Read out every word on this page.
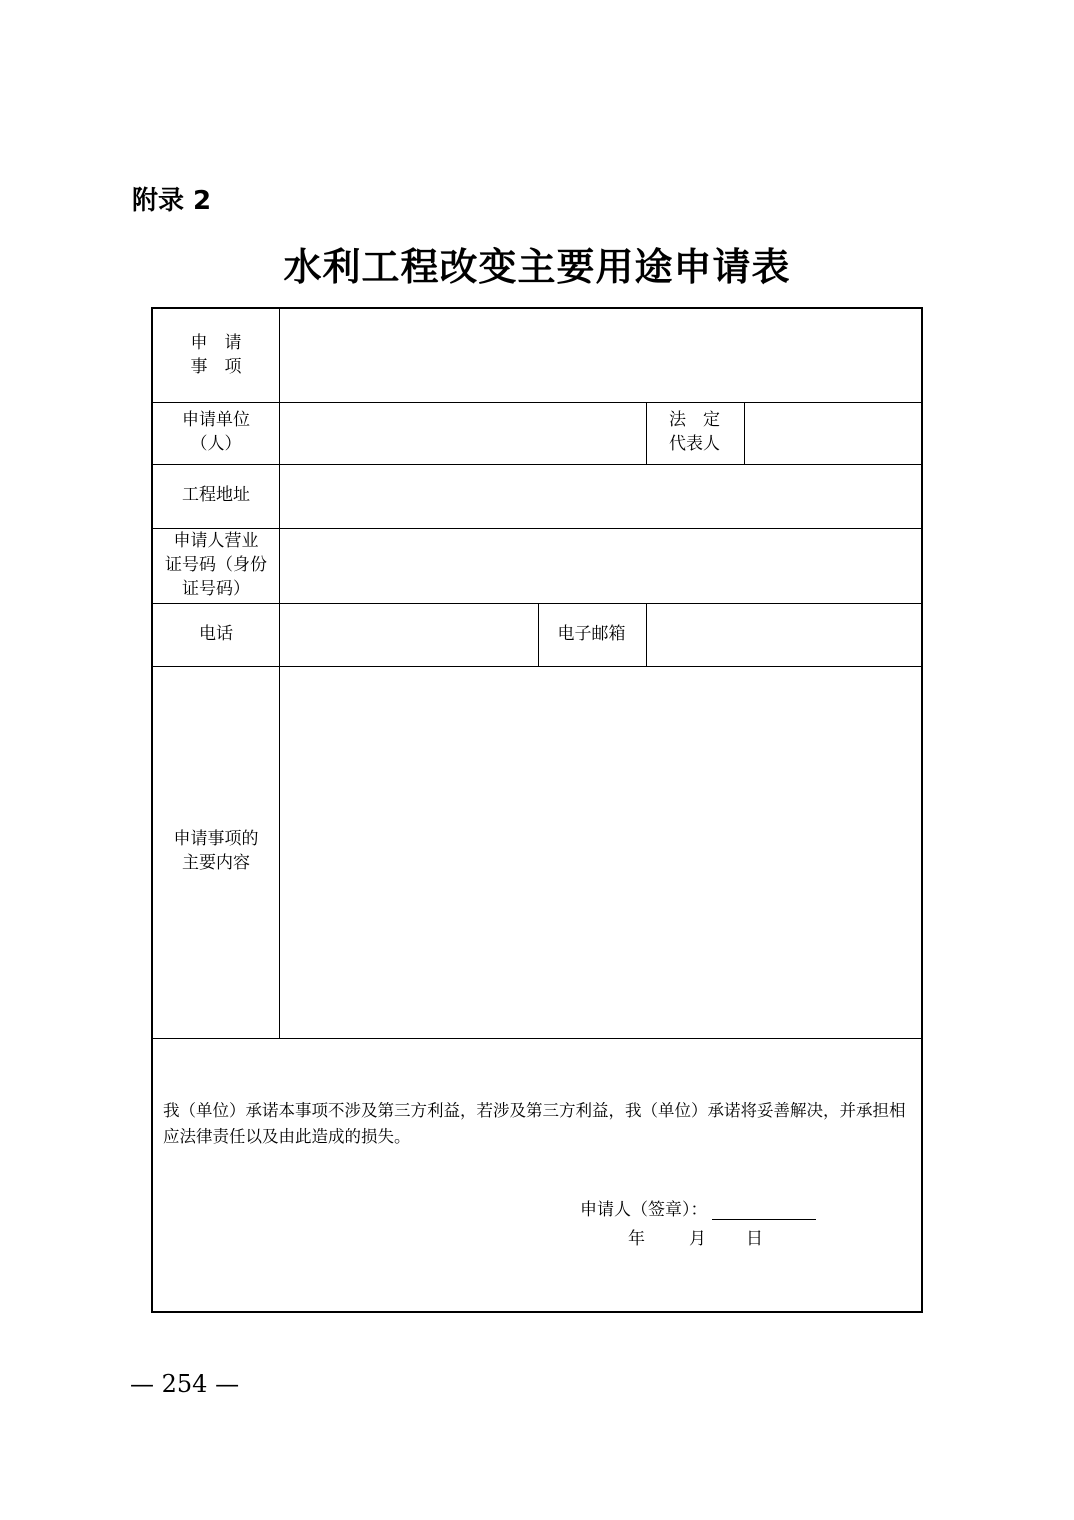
附录 2
水利工程改变主要用途申请表
申　请
事　项
申请单位
（人）
法　定
代表人
工程地址
申请人营业
证号码（身份
证号码）
电话	电子邮箱
申请事项的
主要内容
我（单位）承诺本事项不涉及第三方利益，若涉及第三方利益，我（单位）承诺将妥善解决，并承担相应法律责任以及由此造成的损失。
申请人（签章）：
年	月 日
— 254 —
